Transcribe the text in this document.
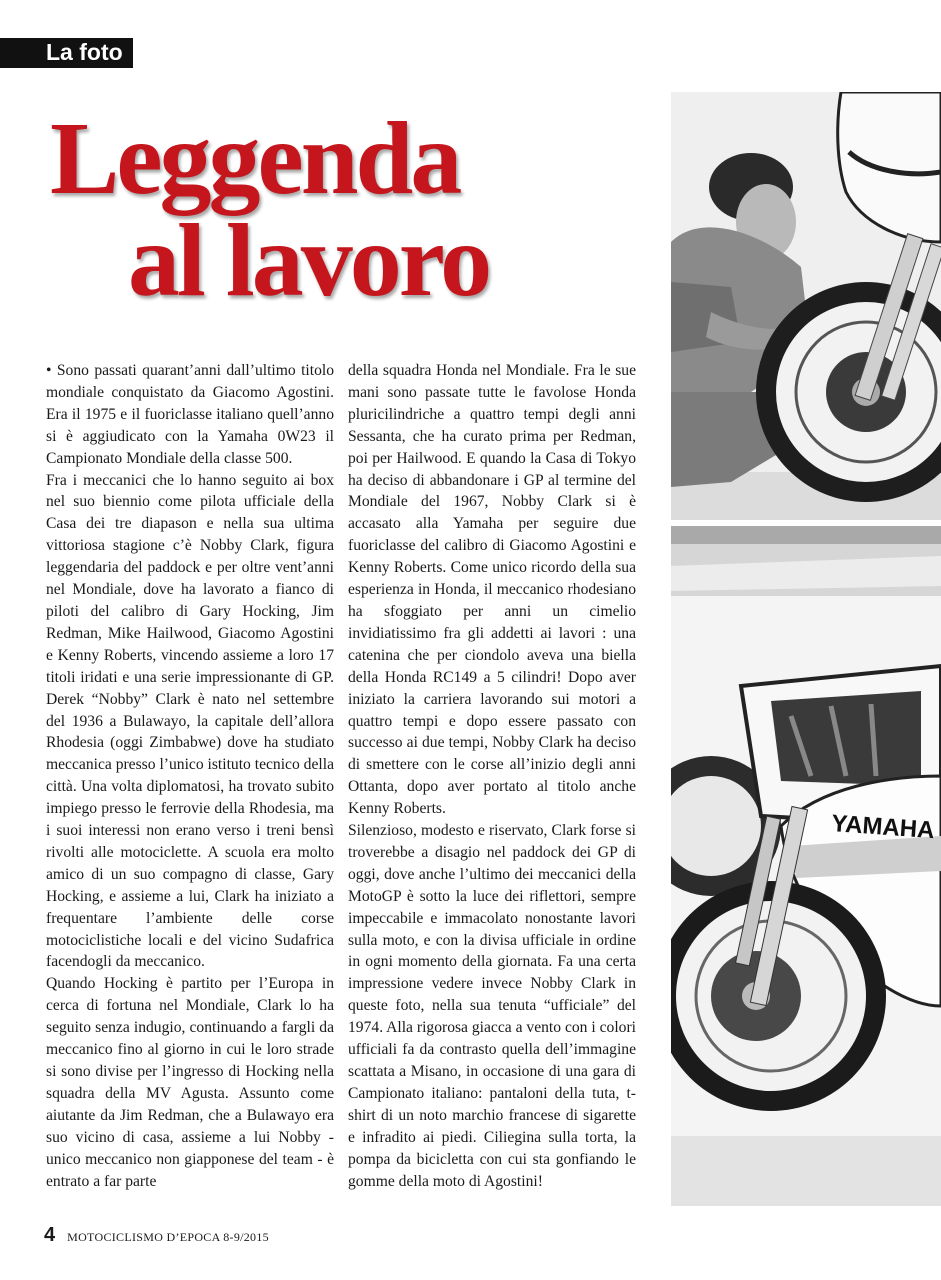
La foto
Leggenda
al lavoro

• Sono passati quarant’anni dall’ultimo titolo mondiale conquistato da Giacomo Agostini. Era il 1975 e il fuoriclasse italiano quell’anno si è aggiudicato con la Yamaha 0W23 il Campionato Mondiale della classe 500.

Fra i meccanici che lo hanno seguito ai box nel suo biennio come pilota ufficiale della Casa dei tre diapason e nella sua ultima vittoriosa stagione c’è Nobby Clark, figura leggendaria del paddock e per oltre vent’anni nel Mondiale, dove ha lavorato a fianco di piloti del calibro di Gary Hocking, Jim Redman, Mike Hailwood, Giacomo Agostini e Kenny Roberts, vincendo assieme a loro 17 titoli iridati e una serie impressionante di GP. Derek “Nobby” Clark è nato nel settembre del 1936 a Bulawayo, la capitale dell’allora Rhodesia (oggi Zimbabwe) dove ha studiato meccanica presso l’unico istituto tecnico della città. Una volta diplomatosi, ha trovato subito impiego presso le ferrovie della Rhodesia, ma i suoi interessi non erano verso i treni bensì rivolti alle motociclette. A scuola era molto amico di un suo compagno di classe, Gary Hocking, e assieme a lui, Clark ha iniziato a frequentare l’ambiente delle corse motociclistiche locali e del vicino Sudafrica facendogli da meccanico.

Quando Hocking è partito per l’Europa in cerca di fortuna nel Mondiale, Clark lo ha seguito senza indugio, continuando a fargli da meccanico fino al giorno in cui le loro strade si sono divise per l’ingresso di Hocking nella squadra della MV Agusta. Assunto come aiutante da Jim Redman, che a Bulawayo era suo vicino di casa, assieme a lui Nobby - unico meccanico non giapponese del team - è entrato a far parte

della squadra Honda nel Mondiale. Fra le sue mani sono passate tutte le favolose Honda pluricilindriche a quattro tempi degli anni Sessanta, che ha curato prima per Redman, poi per Hailwood. E quando la Casa di Tokyo ha deciso di abbandonare i GP al termine del Mondiale del 1967, Nobby Clark si è accasato alla Yamaha per seguire due fuoriclasse del calibro di Giacomo Agostini e Kenny Roberts. Come unico ricordo della sua esperienza in Honda, il meccanico rhodesiano ha sfoggiato per anni un cimelio invidiatissimo fra gli addetti ai lavori : una catenina che per ciondolo aveva una biella della Honda RC149 a 5 cilindri! Dopo aver iniziato la carriera lavorando sui motori a quattro tempi e dopo essere passato con successo ai due tempi, Nobby Clark ha deciso di smettere con le corse all’inizio degli anni Ottanta, dopo aver portato al titolo anche Kenny Roberts.

Silenzioso, modesto e riservato, Clark forse si troverebbe a disagio nel paddock dei GP di oggi, dove anche l’ultimo dei meccanici della MotoGP è sotto la luce dei riflettori, sempre impeccabile e immacolato nonostante lavori sulla moto, e con la divisa ufficiale in ordine in ogni momento della giornata. Fa una certa impressione vedere invece Nobby Clark in queste foto, nella sua tenuta “ufficiale” del 1974. Alla rigorosa giacca a vento con i colori ufficiali fa da contrasto quella dell’immagine scattata a Misano, in occasione di una gara di Campionato italiano: pantaloni della tuta, t-shirt di un noto marchio francese di sigarette e infradito ai piedi. Ciliegina sulla torta, la pompa da bicicletta con cui sta gonfiando le gomme della moto di Agostini!

YAMAHA
4 MOTOCICLISMO D’EPOCA 8-9/2015
